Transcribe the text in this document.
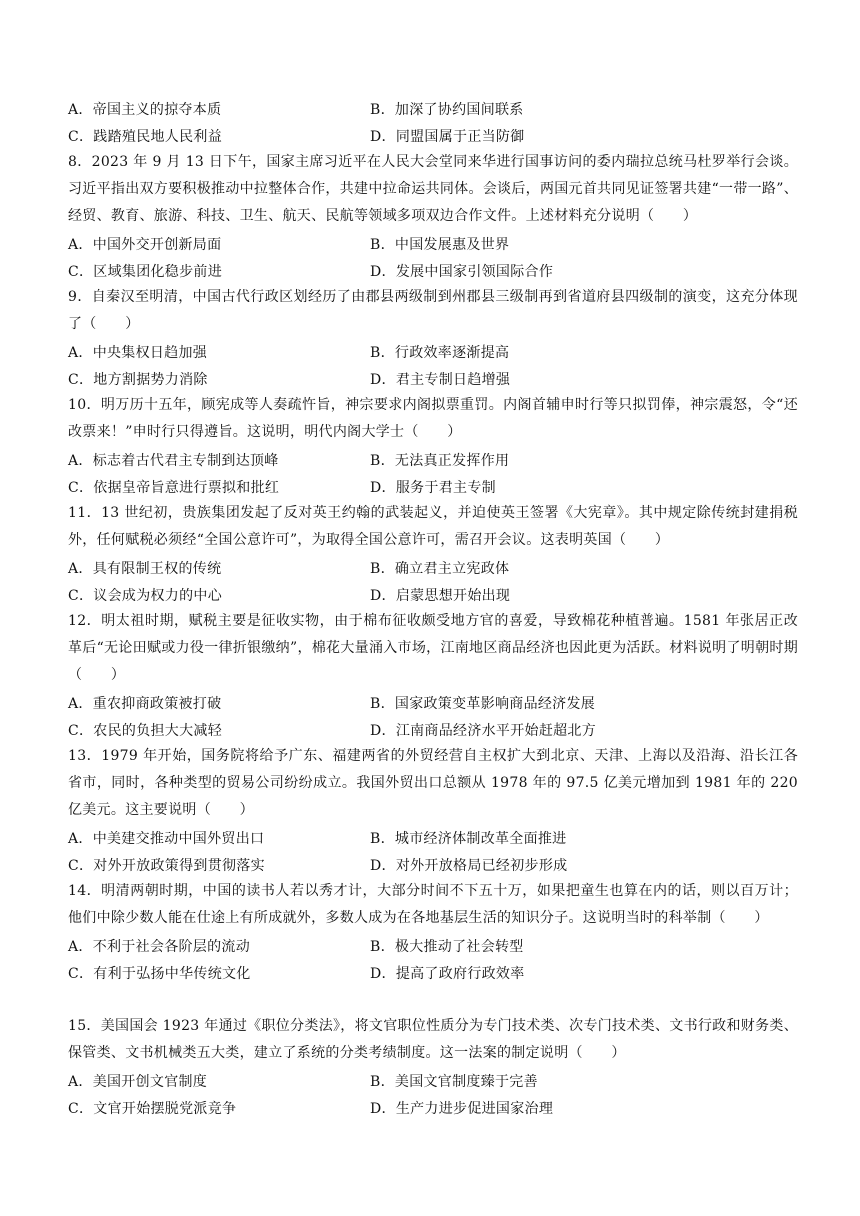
A．帝国主义的掠夺本质	B．加深了协约国间联系
C．践踏殖民地人民利益	D．同盟国属于正当防御

8．2023 年 9 月 13 日下午，国家主席习近平在人民大会堂同来华进行国事访问的委内瑞拉总统马杜罗举行会谈。习近平指出双方要积极推动中拉整体合作，共建中拉命运共同体。会谈后，两国元首共同见证签署共建“一带一路”、经贸、教育、旅游、科技、卫生、航天、民航等领域多项双边合作文件。上述材料充分说明（　　）

A．中国外交开创新局面	B．中国发展惠及世界
C．区域集团化稳步前进	D．发展中国家引领国际合作

9．自秦汉至明清，中国古代行政区划经历了由郡县两级制到州郡县三级制再到省道府县四级制的演变，这充分体现了（　　）

A．中央集权日趋加强	B．行政效率逐渐提高
C．地方割据势力消除	D．君主专制日趋增强

10．明万历十五年，顾宪成等人奏疏忤旨，神宗要求内阁拟票重罚。内阁首辅申时行等只拟罚俸，神宗震怒，令“还改票来！”申时行只得遵旨。这说明，明代内阁大学士（　　）

A．标志着古代君主专制到达顶峰	B．无法真正发挥作用
C．依据皇帝旨意进行票拟和批红	D．服务于君主专制

11．13 世纪初，贵族集团发起了反对英王约翰的武装起义，并迫使英王签署《大宪章》。其中规定除传统封建捐税外，任何赋税必须经“全国公意许可”，为取得全国公意许可，需召开会议。这表明英国（　　）

A．具有限制王权的传统	B．确立君主立宪政体
C．议会成为权力的中心	D．启蒙思想开始出现

12．明太祖时期，赋税主要是征收实物，由于棉布征收颇受地方官的喜爱，导致棉花种植普遍。1581 年张居正改革后“无论田赋或力役一律折银缴纳”，棉花大量涌入市场，江南地区商品经济也因此更为活跃。材料说明了明朝时期（　　）

A．重农抑商政策被打破	B．国家政策变革影响商品经济发展
C．农民的负担大大减轻	D．江南商品经济水平开始赶超北方

13．1979 年开始，国务院将给予广东、福建两省的外贸经营自主权扩大到北京、天津、上海以及沿海、沿长江各省市，同时，各种类型的贸易公司纷纷成立。我国外贸出口总额从 1978 年的 97.5 亿美元增加到 1981 年的 220 亿美元。这主要说明（　　）

A．中美建交推动中国外贸出口	B．城市经济体制改革全面推进
C．对外开放政策得到贯彻落实	D．对外开放格局已经初步形成

14．明清两朝时期，中国的读书人若以秀才计，大部分时间不下五十万，如果把童生也算在内的话，则以百万计；他们中除少数人能在仕途上有所成就外，多数人成为在各地基层生活的知识分子。这说明当时的科举制（　　）

A．不利于社会各阶层的流动	B．极大推动了社会转型
C．有利于弘扬中华传统文化	D．提高了政府行政效率

15．美国国会 1923 年通过《职位分类法》，将文官职位性质分为专门技术类、次专门技术类、文书行政和财务类、保管类、文书机械类五大类，建立了系统的分类考绩制度。这一法案的制定说明（　　）

A．美国开创文官制度	B．美国文官制度臻于完善
C．文官开始摆脱党派竞争	D．生产力进步促进国家治理
